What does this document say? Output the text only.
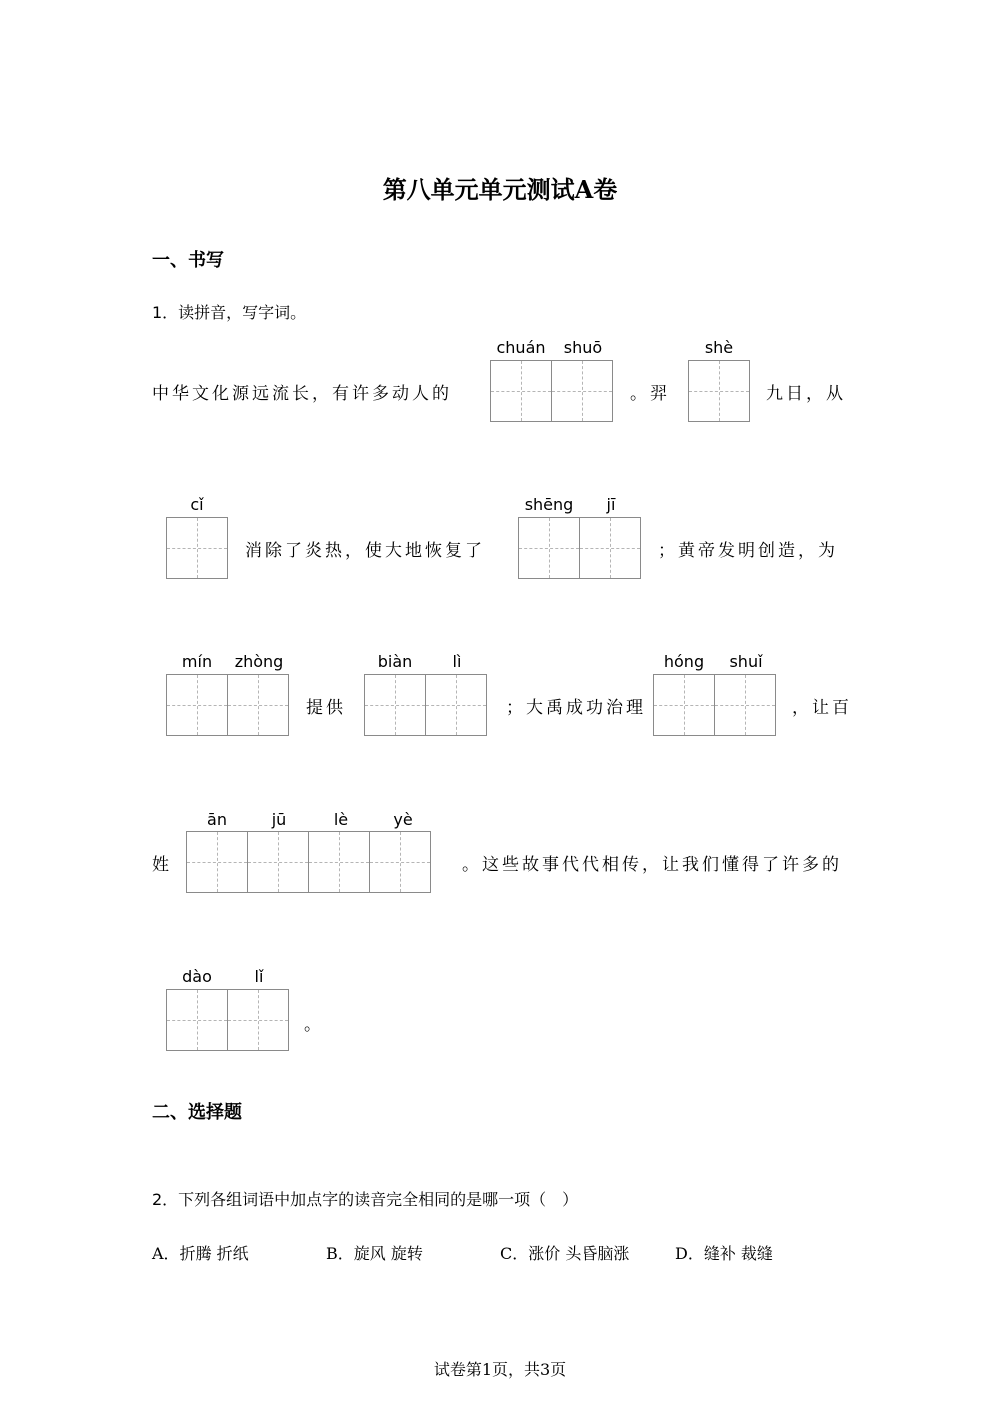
第八单元单元测试A卷
一、书写
1．读拼音，写字词。
中华文化源远流长，有许多动人的
chuán	shuō
。羿
shè
九日，从
cǐ
消除了炎热，使大地恢复了
shēng	jī
；黄帝发明创造，为
mín	zhòng
提供
biàn	lì
；大禹成功治理
hóng	shuǐ
，让百
姓
ān	jū	lè	yè
。这些故事代代相传，让我们懂得了许多的
dào	lǐ
。
二、选择题
2．下列各组词语中加点字的读音完全相同的是哪一项（　）
A．折腾 折纸	B．旋风 旋转	C．涨价 头昏脑涨	D．缝补 裁缝
试卷第1页，共3页
